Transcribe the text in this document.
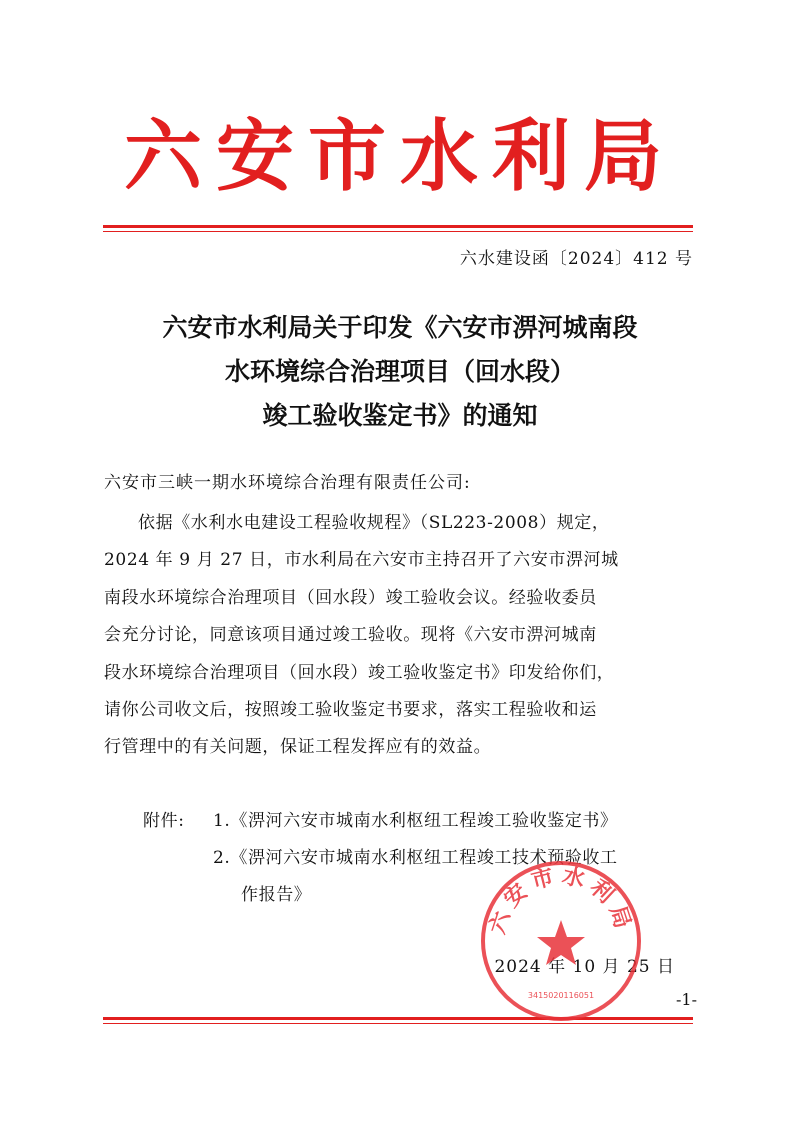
六安市水利局
六水建设函〔2024〕412 号
六安市水利局关于印发《六安市淠河城南段
水环境综合治理项目（回水段）
竣工验收鉴定书》的通知
六安市三峡一期水环境综合治理有限责任公司:
依据《水利水电建设工程验收规程》（SL223-2008）规定，
2024 年 9 月 27 日，市水利局在六安市主持召开了六安市淠河城
南段水环境综合治理项目（回水段）竣工验收会议。经验收委员
会充分讨论，同意该项目通过竣工验收。现将《六安市淠河城南
段水环境综合治理项目（回水段）竣工验收鉴定书》印发给你们，
请你公司收文后，按照竣工验收鉴定书要求，落实工程验收和运
行管理中的有关问题，保证工程发挥应有的效益。
附件: 1.《淠河六安市城南水利枢纽工程竣工验收鉴定书》
2.《淠河六安市城南水利枢纽工程竣工技术预验收工
作报告》
2024 年 10 月 25 日
六安市水利局
3415020116051	-1-
